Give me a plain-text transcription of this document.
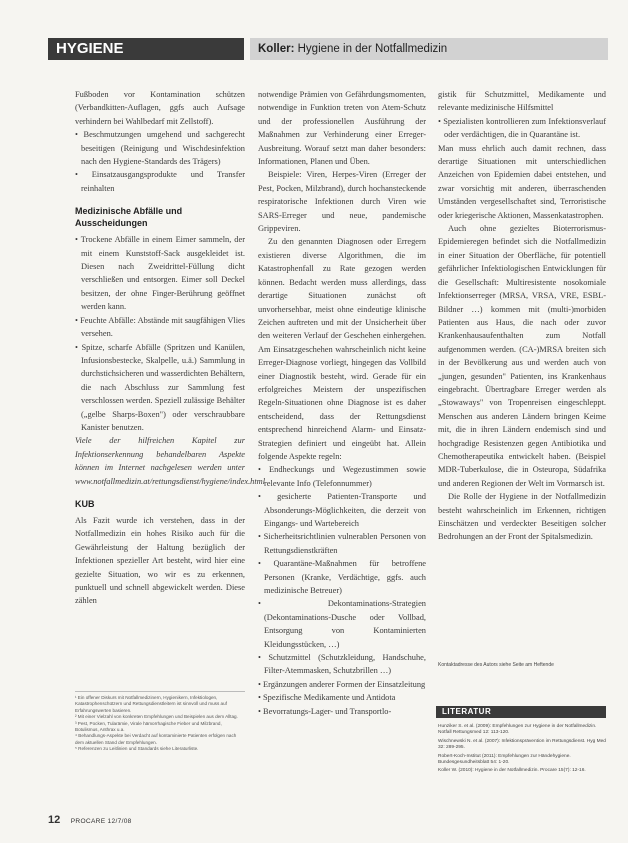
HYGIENE	Koller: Hygiene in der Notfallmedizin

Fußboden vor Kontamination schützen (Verbandkitten-Auflagen, ggfs auch Aufsage verhindern bei Wahlbedarf mit Zellstoff).

• Beschmutzungen umgehend und sachgerecht beseitigen (Reinigung und Wischdesinfektion nach den Hygiene-Standards des Trägers)

• Einsatzausgangsprodukte und Transfer reinhalten

Medizinische Abfälle und Ausscheidungen

• Trockene Abfälle in einem Eimer sammeln, der mit einem Kunststoff-Sack ausgekleidet ist. Diesen nach Zweidrittel-Füllung dicht verschließen und entsorgen. Eimer soll Deckel besitzen, der ohne Finger-Berührung geöffnet werden kann.

• Feuchte Abfälle: Abstände mit saugfähigen Vlies versehen.

• Spitze, scharfe Abfälle (Spritzen und Kanülen, Infusionsbestecke, Skalpelle, u.ä.) Sammlung in durchstichsicheren und wasserdichten Behältern, die nach Abschluss zur Sammlung fest verschlossen werden. Speziell zulässige Behälter („gelbe Sharps-Boxen") oder verschraubbare Kanister benutzen.

Viele der hilfreichen Kapitel zur Infektionserkennung behandelbaren Aspekte können im Internet nachgelesen werden unter www.notfallmedizin.at/rettungsdienst/hygiene/index.html

KUB

Als Fazit wurde ich verstehen, dass in der Notfallmedizin ein hohes Risiko auch für die Gewährleistung der Haltung bezüglich der Infektionen spezieller Art besteht, wird hier eine gezielte Situation, wo wir es zu erkennen, punktuell und schnell abgewickelt werden. Diese zählen

notwendige Prämien von Gefährdungsmomenten, notwendige in Funktion treten von Atem-Schutz und der professionellen Ausführung der Maßnahmen zur Verhinderung einer Erreger-Ausbreitung. Worauf setzt man daher besonders: Informationen, Planen und Üben.

Beispiele: Viren, Herpes-Viren (Erreger der Pest, Pocken, Milzbrand), durch hochansteckende respiratorische Infektionen durch Viren wie SARS-Erreger und neue, pandemische Grippeviren.

Zu den genannten Diagnosen oder Erregern existieren diverse Algorithmen, die im Katastrophenfall zu Rate gezogen werden können. Bedacht werden muss allerdings, dass derartige Situationen zunächst oft unvorhersehbar, meist ohne eindeutige klinische Zeichen auftreten und mit der Unsicherheit über den weiteren Verlauf der Geschehen einhergehen. Am Einsatzgeschehen wahrscheinlich nicht keine Erreger-Diagnose vorliegt, hingegen das Vollbild einer Diagnostik besteht, wird. Gerade für ein erfolgreiches Meistern der unspezifischen Regeln-Situationen ohne Diagnose ist es daher entscheidend, dass der Rettungsdienst entsprechend hinreichend Alarm- und Einsatz-Strategien definiert und eingeübt hat. Allein folgende Aspekte regeln:

• Endheckungs und Wegezustimmen sowie relevante Info (Telefonnummer)

• gesicherte Patienten-Transporte und Absonderungs-Möglichkeiten, die derzeit von Eingangs- und Wartebereich

• Sicherheitsrichtlinien vulnerablen Personen von Rettungsdienstkräften

• Quarantäne-Maßnahmen für betroffene Personen (Kranke, Verdächtige, ggfs. auch medizinische Betreuer)

• Dekontaminations-Strategien (Dekontaminations-Dusche oder Vollbad, Entsorgung von Kontaminierten Kleidungsstücken, …)

• Schutzmittel (Schutzkleidung, Handschuhe, Filter-Atemmasken, Schutzbrillen …)

• Ergänzungen anderer Formen der Einsatzleitung

• Spezifische Medikamente und Antidota

• Bevorratungs-Lager- und Transportlo-

gistik für Schutzmittel, Medikamente und relevante medizinische Hilfsmittel

• Spezialisten kontrollieren zum Infektionsverlauf oder verdächtigen, die in Quarantäne ist.

Man muss ehrlich auch damit rechnen, dass derartige Situationen mit unterschiedlichen Anzeichen von Epidemien dabei entstehen, und zwar vorsichtig mit anderen, überraschenden Umständen vergesellschaftet sind, Terroristische oder kriegerische Aktionen, Massenkatastrophen.

Auch ohne gezieltes Bioterrorismus-Epidemieregen befindet sich die Notfallmedizin in einer Situation der Oberfläche, für potentiell gefährlicher Infektiologischen Entwicklungen für die Gesellschaft: Multiresistente nosokomiale Infektionserreger (MRSA, VRSA, VRE, ESBL-Bildner …) kommen mit (multi-)morbiden Patienten aus Haus, die nach oder zuvor Krankenhausaufenthalten zum Notfall aufgenommen werden. (CA-)MRSA breiten sich in der Bevölkerung aus und werden auch von „jungen, gesunden" Patienten, ins Krankenhaus eingebracht. Übertragbare Erreger werden als „Stowaways" von Tropenreisen eingeschleppt. Menschen aus anderen Ländern bringen Keime mit, die in ihren Ländern endemisch sind und hochgradige Resistenzen gegen Antibiotika und Chemotherapeutika entwickelt haben. (Beispiel MDR-Tuberkulose, die in Osteuropa, Südafrika und anderen Regionen der Welt im Vormarsch ist.

Die Rolle der Hygiene in der Notfallmedizin besteht wahrscheinlich im Erkennen, richtigen Einschätzen und verdeckter Beseitigen solcher Bedrohungen an der Front der Spitalsmedizin.

¹ Ein offener Diskurs mit Notfallmedizinern, Hygienikern, Infektiologen, Katastrophenschützern und Rettungsdienstleitern ist sinnvoll und muss auf Erfahrungswerten basieren.
² Mit einer Vielzahl von konkreten Empfehlungen und Beispielen aus dem Alltag.
³ Pest, Pocken, Tularämie, Virale hämorrhagische Fieber und Milzbrand, Botulismus, Anthrax u.a.
⁴ Behandlungs-Aspekte bei Verdacht auf kontaminierte Patienten erfolgen nach dem aktuellen Stand der Empfehlungen.
⁵ Referenzen zu Leitlinien und Standards siehe Literaturliste.
Kontaktadresse des Autors siehe Seite am Heftende
LITERATUR
Hunziker S. et al. (2009): Empfehlungen zur Hygiene in der Notfallmedizin. Notfall Rettungsmed 12: 113-120.
Wischnewski N. et al. (2007): Infektionsprävention im Rettungsdienst. Hyg Med 32: 289-295.
Robert-Koch-Institut (2011): Empfehlungen zur Händehygiene. Bundesgesundheitsblatt 54: 1-20.
Koller W. (2010): Hygiene in der Notfallmedizin. Procare 15(7): 12-16.
12 PROCARE 12/7/08
